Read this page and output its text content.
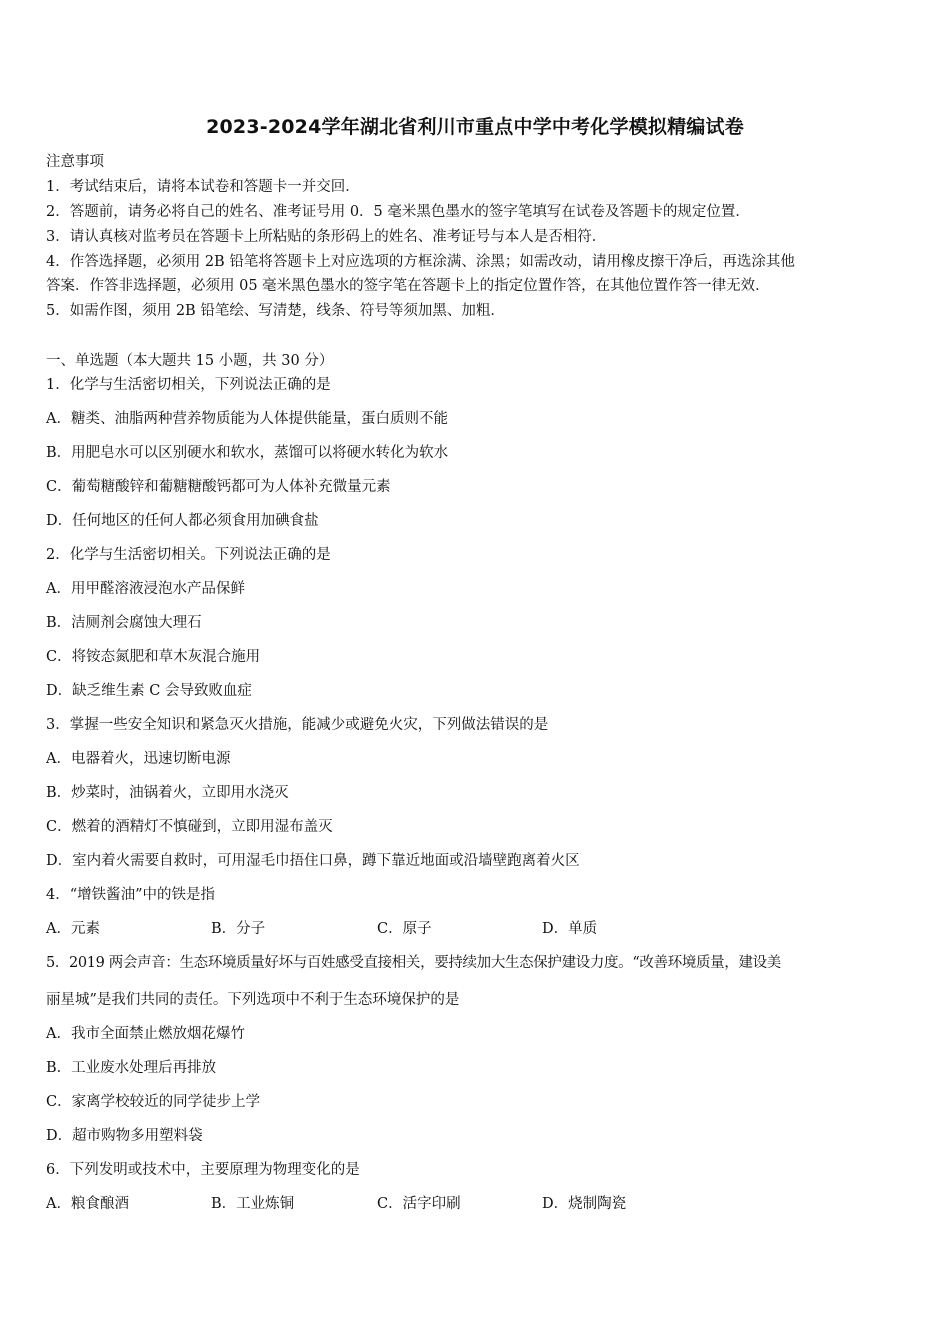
2023-2024学年湖北省利川市重点中学中考化学模拟精编试卷
注意事项
1．考试结束后，请将本试卷和答题卡一并交回．
2．答题前，请务必将自己的姓名、准考证号用 0．5 毫米黑色墨水的签字笔填写在试卷及答题卡的规定位置．
3．请认真核对监考员在答题卡上所粘贴的条形码上的姓名、准考证号与本人是否相符．
4．作答选择题，必须用 2B 铅笔将答题卡上对应选项的方框涂满、涂黑；如需改动，请用橡皮擦干净后，再选涂其他
答案．作答非选择题，必须用 05 毫米黑色墨水的签字笔在答题卡上的指定位置作答，在其他位置作答一律无效．
5．如需作图，须用 2B 铅笔绘、写清楚，线条、符号等须加黑、加粗．
一、单选题（本大题共 15 小题，共 30 分）
1．化学与生活密切相关，下列说法正确的是
A．糖类、油脂两种营养物质能为人体提供能量，蛋白质则不能
B．用肥皂水可以区别硬水和软水，蒸馏可以将硬水转化为软水
C．葡萄糖酸锌和葡糖糖酸钙都可为人体补充微量元素
D．任何地区的任何人都必须食用加碘食盐
2．化学与生活密切相关。下列说法正确的是
A．用甲醛溶液浸泡水产品保鲜
B．洁厕剂会腐蚀大理石
C．将铵态氮肥和草木灰混合施用
D．缺乏维生素 C 会导致败血症
3．掌握一些安全知识和紧急灭火措施，能减少或避免火灾，下列做法错误的是
A．电器着火，迅速切断电源
B．炒菜时，油锅着火，立即用水浇灭
C．燃着的酒精灯不慎碰到，立即用湿布盖灭
D．室内着火需要自救时，可用湿毛巾捂住口鼻，蹲下靠近地面或沿墙壁跑离着火区
4．“增铁酱油”中的铁是指
A．元素	B．分子	C．原子	D．单质
5．2019 两会声音：生态环境质量好坏与百姓感受直接相关，要持续加大生态保护建设力度。“改善环境质量，建设美
丽星城”是我们共同的责任。下列选项中不利于生态环境保护的是
A．我市全面禁止燃放烟花爆竹
B．工业废水处理后再排放
C．家离学校较近的同学徒步上学
D．超市购物多用塑料袋
6．下列发明或技术中，主要原理为物理变化的是
A．粮食酿酒	B．工业炼铜	C．活字印刷	D．烧制陶瓷
